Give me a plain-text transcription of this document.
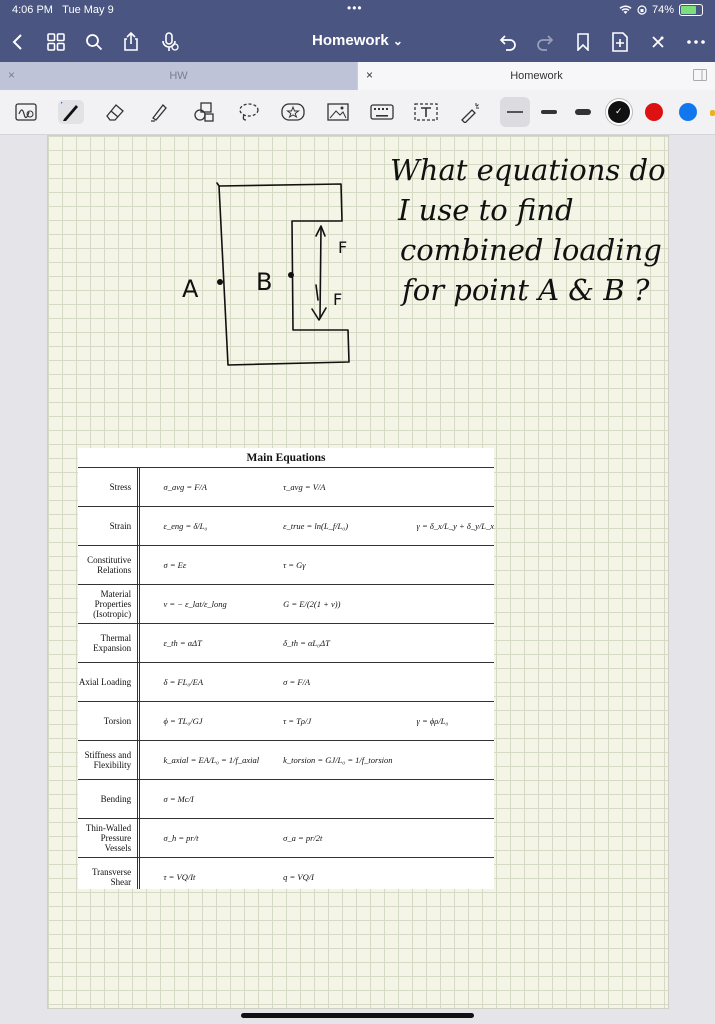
4:06 PM Tue May 9	•••	74%
Homework ⌄
×	HW	×	Homework
✓
A B
F
F
What equations do
I use to find
combined loading
for point A & B ?
Main Equations			
Stress		σ_avg = F/A	τ_avg = V/A	
Strain		ε_eng = δ/L₀	ε_true = ln(L_f/L₀)	γ = δ_x/L_y + δ_y/L_x
Constitutive Relations		σ = Eε	τ = Gγ	
Material Properties (Isotropic)		ν = − ε_lat/ε_long	G = E/(2(1 + ν))	
Thermal Expansion		ε_th = αΔT	δ_th = αL₀ΔT	
Axial Loading		δ = FL₀/EA	σ = F/A	
Torsion		ϕ = TL₀/GJ	τ = Tρ/J	γ = ϕρ/L₀
Stiffness and Flexibility		k_axial = EA/L₀ = 1/f_axial	k_torsion = GJ/L₀ = 1/f_torsion	
Bending		σ = Mc/I		
Thin-Walled Pressure Vessels		σ_h = pr/t	σ_a = pr/2t	
Transverse Shear		τ = VQ/It	q = VQ/I	
